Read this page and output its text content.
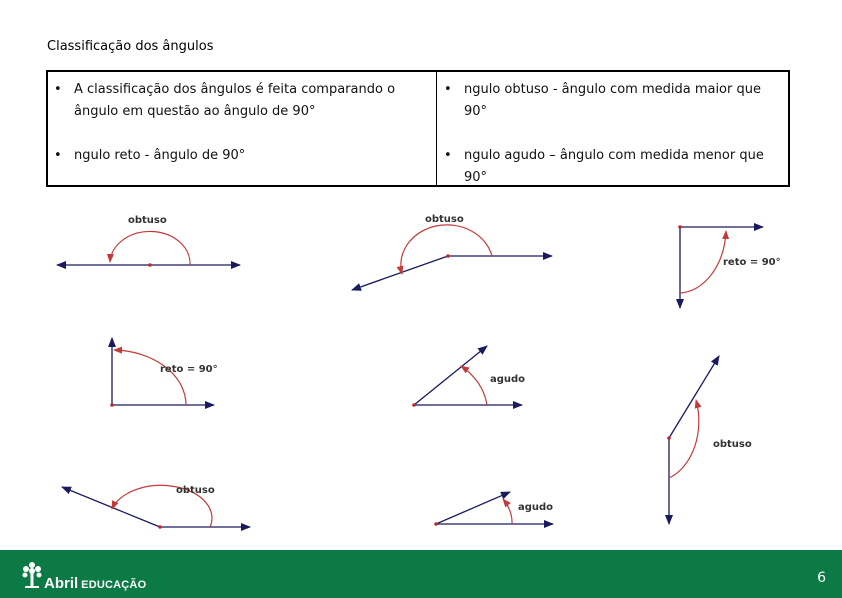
Classificação dos ângulos
• A classificação dos ângulos é feita comparando o ângulo em questão ao ângulo de 90°
• ngulo reto - ângulo de 90°
• ngulo obtuso - ângulo com medida maior que 90°
• ngulo agudo – ângulo com medida menor que 90°
obtuso	obtuso
reto = 90°
reto = 90°
agudo
obtuso
obtuso
agudo
Abril EDUCAÇÃO	6
